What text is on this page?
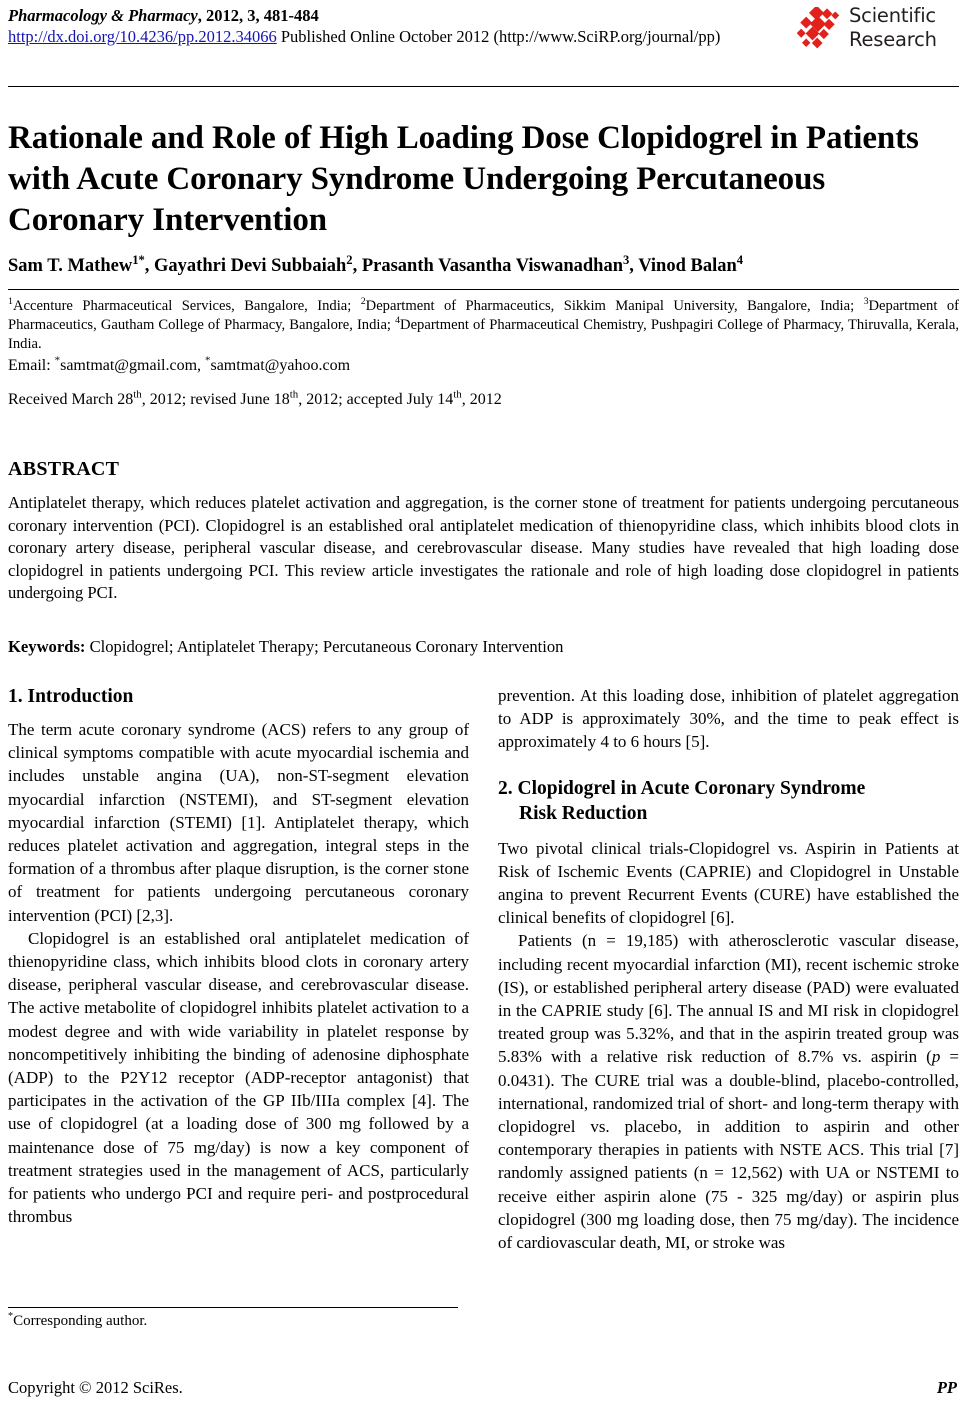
Pharmacology & Pharmacy, 2012, 3, 481-484
http://dx.doi.org/10.4236/pp.2012.34066 Published Online October 2012 (http://www.SciRP.org/journal/pp)
Scientific
Research
Rationale and Role of High Loading Dose Clopidogrel in Patients with Acute Coronary Syndrome Undergoing Percutaneous Coronary Intervention
Sam T. Mathew$^{1*}$, Gayathri Devi Subbaiah$^2$, Prasanth Vasantha Viswanadhan$^3$, Vinod Balan$^4$
$^1$Accenture Pharmaceutical Services, Bangalore, India; $^2$Department of Pharmaceutics, Sikkim Manipal University, Bangalore, India; $^3$Department of Pharmaceutics, Gautham College of Pharmacy, Bangalore, India; $^4$Department of Pharmaceutical Chemistry, Pushpagiri College of Pharmacy, Thiruvalla, Kerala, India.
Email: *samtmat@gmail.com, *samtmat@yahoo.com
Received March 28th, 2012; revised June 18th, 2012; accepted July 14th, 2012
ABSTRACT
Antiplatelet therapy, which reduces platelet activation and aggregation, is the corner stone of treatment for patients undergoing percutaneous coronary intervention (PCI). Clopidogrel is an established oral antiplatelet medication of thienopyridine class, which inhibits blood clots in coronary artery disease, peripheral vascular disease, and cerebrovascular disease. Many studies have revealed that high loading dose clopidogrel in patients undergoing PCI. This review article investigates the rationale and role of high loading dose clopidogrel in patients undergoing PCI.
Keywords: Clopidogrel; Antiplatelet Therapy; Percutaneous Coronary Intervention
1. Introduction

The term acute coronary syndrome (ACS) refers to any group of clinical symptoms compatible with acute myocardial ischemia and includes unstable angina (UA), non-ST-segment elevation myocardial infarction (NSTEMI), and ST-segment elevation myocardial infarction (STEMI) [1]. Antiplatelet therapy, which reduces platelet activation and aggregation, integral steps in the formation of a thrombus after plaque disruption, is the corner stone of treatment for patients undergoing percutaneous coronary intervention (PCI) [2,3].

Clopidogrel is an established oral antiplatelet medication of thienopyridine class, which inhibits blood clots in coronary artery disease, peripheral vascular disease, and cerebrovascular disease. The active metabolite of clopidogrel inhibits platelet activation to a modest degree and with wide variability in platelet response by noncompetitively inhibiting the binding of adenosine diphosphate (ADP) to the P2Y12 receptor (ADP-receptor antagonist) that participates in the activation of the GP IIb/IIIa complex [4]. The use of clopidogrel (at a loading dose of 300 mg followed by a maintenance dose of 75 mg/day) is now a key component of treatment strategies used in the management of ACS, particularly for patients who undergo PCI and require peri- and postprocedural thrombus

prevention. At this loading dose, inhibition of platelet aggregation to ADP is approximately 30%, and the time to peak effect is approximately 4 to 6 hours [5].

2. Clopidogrel in Acute Coronary Syndrome
Risk Reduction

Two pivotal clinical trials-Clopidogrel vs. Aspirin in Patients at Risk of Ischemic Events (CAPRIE) and Clopidogrel in Unstable angina to prevent Recurrent Events (CURE) have established the clinical benefits of clopidogrel [6].

Patients (n = 19,185) with atherosclerotic vascular disease, including recent myocardial infarction (MI), recent ischemic stroke (IS), or established peripheral artery disease (PAD) were evaluated in the CAPRIE study [6]. The annual IS and MI risk in clopidogrel treated group was 5.32%, and that in the aspirin treated group was 5.83% with a relative risk reduction of 8.7% vs. aspirin (p = 0.0431). The CURE trial was a double-blind, placebo-controlled, international, randomized trial of short- and long-term therapy with clopidogrel vs. placebo, in addition to aspirin and other contemporary therapies in patients with NSTE ACS. This trial [7] randomly assigned patients (n = 12,562) with UA or NSTEMI to receive either aspirin alone (75 - 325 mg/day) or aspirin plus clopidogrel (300 mg loading dose, then 75 mg/day). The incidence of cardiovascular death, MI, or stroke was

*Corresponding author.
Copyright © 2012 SciRes.	PP
